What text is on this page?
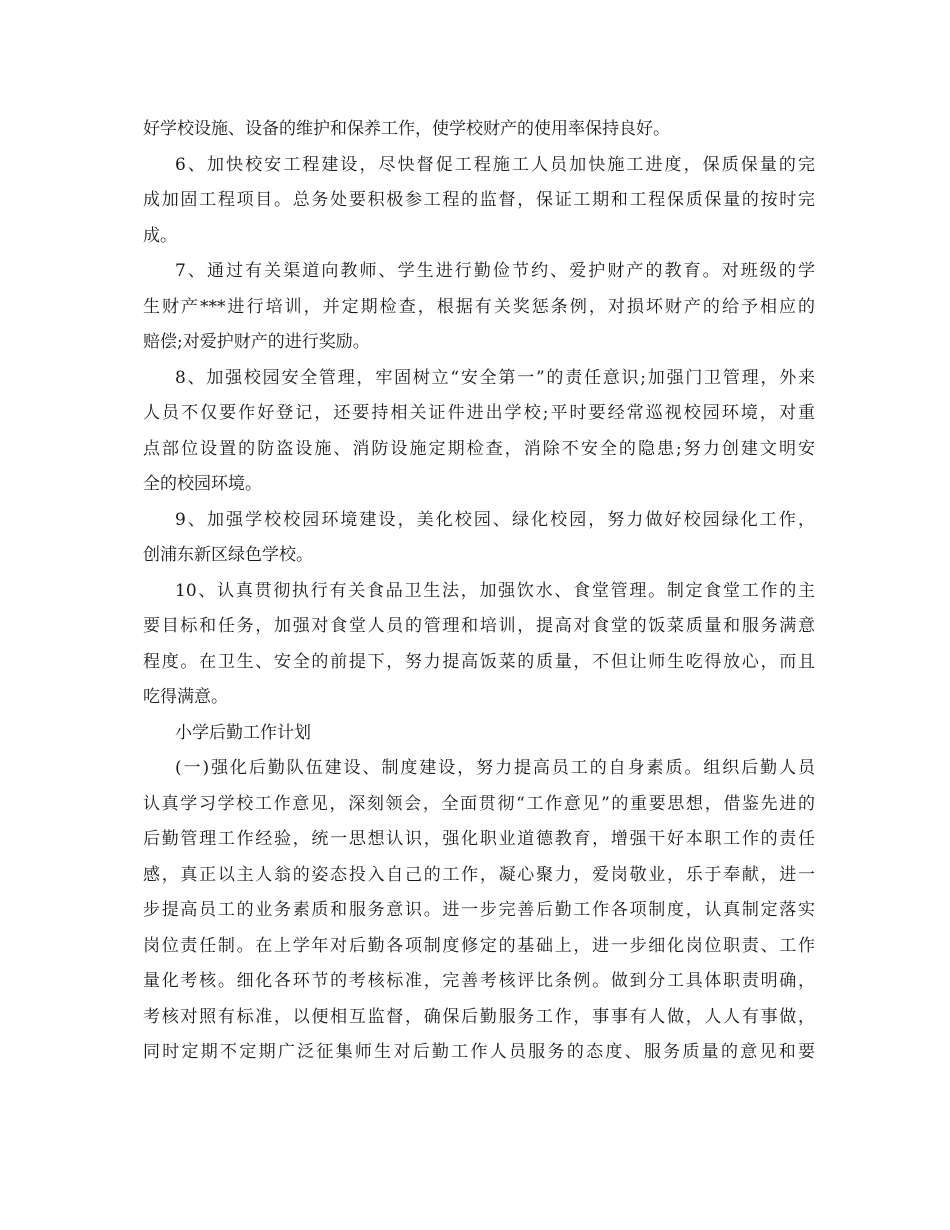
好学校设施、设备的维护和保养工作，使学校财产的使用率保持良好。
6、加快校安工程建设，尽快督促工程施工人员加快施工进度，保质保量的完
成加固工程项目。总务处要积极参工程的监督，保证工期和工程保质保量的按时完
成。
7、通过有关渠道向教师、学生进行勤俭节约、爱护财产的教育。对班级的学
生财产***进行培训，并定期检查，根据有关奖惩条例，对损坏财产的给予相应的
赔偿;对爱护财产的进行奖励。
8、加强校园安全管理，牢固树立“安全第一”的责任意识;加强门卫管理，外来
人员不仅要作好登记，还要持相关证件进出学校;平时要经常巡视校园环境，对重
点部位设置的防盗设施、消防设施定期检查，消除不安全的隐患;努力创建文明安
全的校园环境。
9、加强学校校园环境建设，美化校园、绿化校园，努力做好校园绿化工作，
创浦东新区绿色学校。
10、认真贯彻执行有关食品卫生法，加强饮水、食堂管理。制定食堂工作的主
要目标和任务，加强对食堂人员的管理和培训，提高对食堂的饭菜质量和服务满意
程度。在卫生、安全的前提下，努力提高饭菜的质量，不但让师生吃得放心，而且
吃得满意。
小学后勤工作计划
(一)强化后勤队伍建设、制度建设，努力提高员工的自身素质。组织后勤人员
认真学习学校工作意见，深刻领会，全面贯彻“工作意见”的重要思想，借鉴先进的
后勤管理工作经验，统一思想认识，强化职业道德教育，增强干好本职工作的责任
感，真正以主人翁的姿态投入自己的工作，凝心聚力，爱岗敬业，乐于奉献，进一
步提高员工的业务素质和服务意识。进一步完善后勤工作各项制度，认真制定落实
岗位责任制。在上学年对后勤各项制度修定的基础上，进一步细化岗位职责、工作
量化考核。细化各环节的考核标准，完善考核评比条例。做到分工具体职责明确，
考核对照有标准，以便相互监督，确保后勤服务工作，事事有人做，人人有事做，
同时定期不定期广泛征集师生对后勤工作人员服务的态度、服务质量的意见和要
